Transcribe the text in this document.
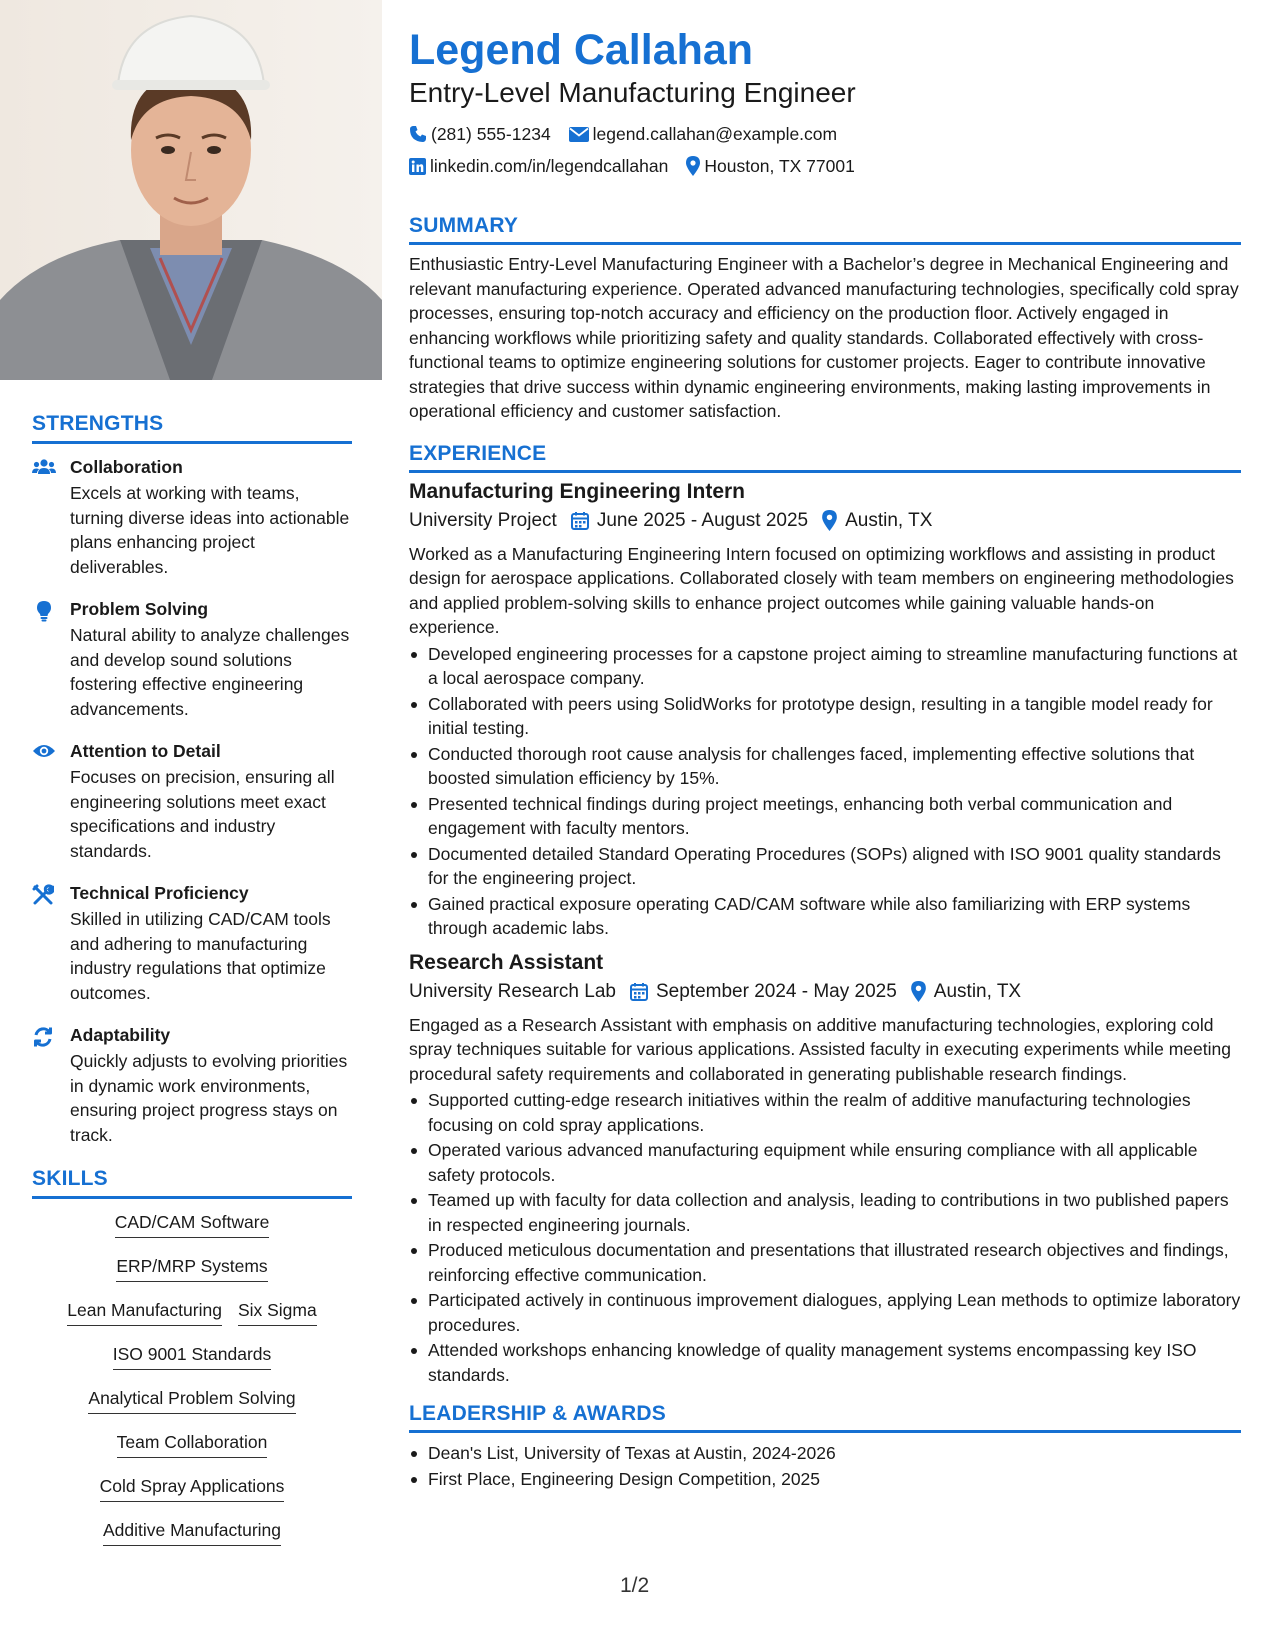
STRENGTHS
Collaboration
Excels at working with teams, turning diverse ideas into actionable plans enhancing project deliverables.
Problem Solving
Natural ability to analyze challenges and develop sound solutions fostering effective engineering advancements.
Attention to Detail
Focuses on precision, ensuring all engineering solutions meet exact specifications and industry standards.
Technical Proficiency
Skilled in utilizing CAD/CAM tools and adhering to manufacturing industry regulations that optimize outcomes.
Adaptability
Quickly adjusts to evolving priorities in dynamic work environments, ensuring project progress stays on track.
SKILLS
CAD/CAM Software
ERP/MRP Systems
Lean Manufacturing Six Sigma
ISO 9001 Standards
Analytical Problem Solving
Team Collaboration
Cold Spray Applications
Additive Manufacturing
Legend Callahan
Entry-Level Manufacturing Engineer
(281) 555-1234 legend.callahan@example.com
linkedin.com/in/legendcallahan Houston, TX 77001
SUMMARY
Enthusiastic Entry-Level Manufacturing Engineer with a Bachelor’s degree in Mechanical Engineering and relevant manufacturing experience. Operated advanced manufacturing technologies, specifically cold spray processes, ensuring top-notch accuracy and efficiency on the production floor. Actively engaged in enhancing workflows while prioritizing safety and quality standards. Collaborated effectively with cross-functional teams to optimize engineering solutions for customer projects. Eager to contribute innovative strategies that drive success within dynamic engineering environments, making lasting improvements in operational efficiency and customer satisfaction.
EXPERIENCE
Manufacturing Engineering Intern
University Project June 2025 - August 2025 Austin, TX
Worked as a Manufacturing Engineering Intern focused on optimizing workflows and assisting in product design for aerospace applications. Collaborated closely with team members on engineering methodologies and applied problem-solving skills to enhance project outcomes while gaining valuable hands-on experience.
Developed engineering processes for a capstone project aiming to streamline manufacturing functions at a local aerospace company.
Collaborated with peers using SolidWorks for prototype design, resulting in a tangible model ready for initial testing.
Conducted thorough root cause analysis for challenges faced, implementing effective solutions that boosted simulation efficiency by 15%.
Presented technical findings during project meetings, enhancing both verbal communication and engagement with faculty mentors.
Documented detailed Standard Operating Procedures (SOPs) aligned with ISO 9001 quality standards for the engineering project.
Gained practical exposure operating CAD/CAM software while also familiarizing with ERP systems through academic labs.
Research Assistant
University Research Lab September 2024 - May 2025 Austin, TX
Engaged as a Research Assistant with emphasis on additive manufacturing technologies, exploring cold spray techniques suitable for various applications. Assisted faculty in executing experiments while meeting procedural safety requirements and collaborated in generating publishable research findings.
Supported cutting-edge research initiatives within the realm of additive manufacturing technologies focusing on cold spray applications.
Operated various advanced manufacturing equipment while ensuring compliance with all applicable safety protocols.
Teamed up with faculty for data collection and analysis, leading to contributions in two published papers in respected engineering journals.
Produced meticulous documentation and presentations that illustrated research objectives and findings, reinforcing effective communication.
Participated actively in continuous improvement dialogues, applying Lean methods to optimize laboratory procedures.
Attended workshops enhancing knowledge of quality management systems encompassing key ISO standards.
LEADERSHIP & AWARDS
Dean's List, University of Texas at Austin, 2024-2026
First Place, Engineering Design Competition, 2025
1/2
